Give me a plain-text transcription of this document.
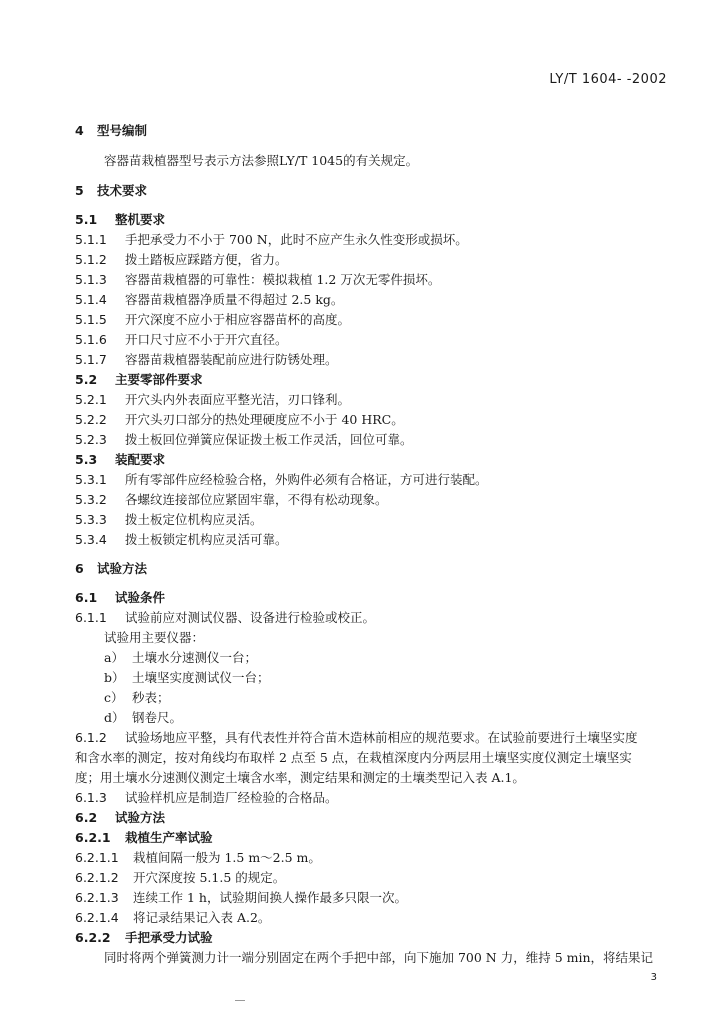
LY/T 1604- -2002
4 型号编制
容器苗栽植器型号表示方法参照LY/T 1045的有关规定。
5 技术要求
5.1 整机要求
5.1.1 手把承受力不小于 700 N，此时不应产生永久性变形或损坏。
5.1.2 拨土踏板应踩踏方便，省力。
5.1.3 容器苗栽植器的可靠性：模拟栽植 1.2 万次无零件损坏。
5.1.4 容器苗栽植器净质量不得超过 2.5 kg。
5.1.5 开穴深度不应小于相应容器苗杯的高度。
5.1.6 开口尺寸应不小于开穴直径。
5.1.7 容器苗栽植器装配前应进行防锈处理。
5.2 主要零部件要求
5.2.1 开穴头内外表面应平整光洁，刃口锋利。
5.2.2 开穴头刃口部分的热处理硬度应不小于 40 HRC。
5.2.3 拨土板回位弹簧应保证拨土板工作灵活，回位可靠。
5.3 装配要求
5.3.1 所有零部件应经检验合格，外购件必须有合格证，方可进行装配。
5.3.2 各螺纹连接部位应紧固牢靠，不得有松动现象。
5.3.3 拨土板定位机构应灵活。
5.3.4 拨土板锁定机构应灵活可靠。
6 试验方法
6.1 试验条件
6.1.1 试验前应对测试仪器、设备进行检验或校正。
试验用主要仪器：
a） 土壤水分速测仪一台；
b） 土壤坚实度测试仪一台；
c） 秒表；
d） 钢卷尺。
6.1.2 试验场地应平整，具有代表性并符合苗木造林前相应的规范要求。在试验前要进行土壤坚实度
和含水率的测定，按对角线均布取样 2 点至 5 点，在栽植深度内分两层用土壤坚实度仪测定土壤坚实
度；用土壤水分速测仪测定土壤含水率，测定结果和测定的土壤类型记入表 A.1。
6.1.3 试验样机应是制造厂经检验的合格品。
6.2 试验方法
6.2.1 栽植生产率试验
6.2.1.1 栽植间隔一般为 1.5 m～2.5 m。
6.2.1.2 开穴深度按 5.1.5 的规定。
6.2.1.3 连续工作 1 h，试验期间换人操作最多只限一次。
6.2.1.4 将记录结果记入表 A.2。
6.2.2 手把承受力试验
同时将两个弹簧测力计一端分别固定在两个手把中部，向下施加 700 N 力，维持 5 min，将结果记
3
